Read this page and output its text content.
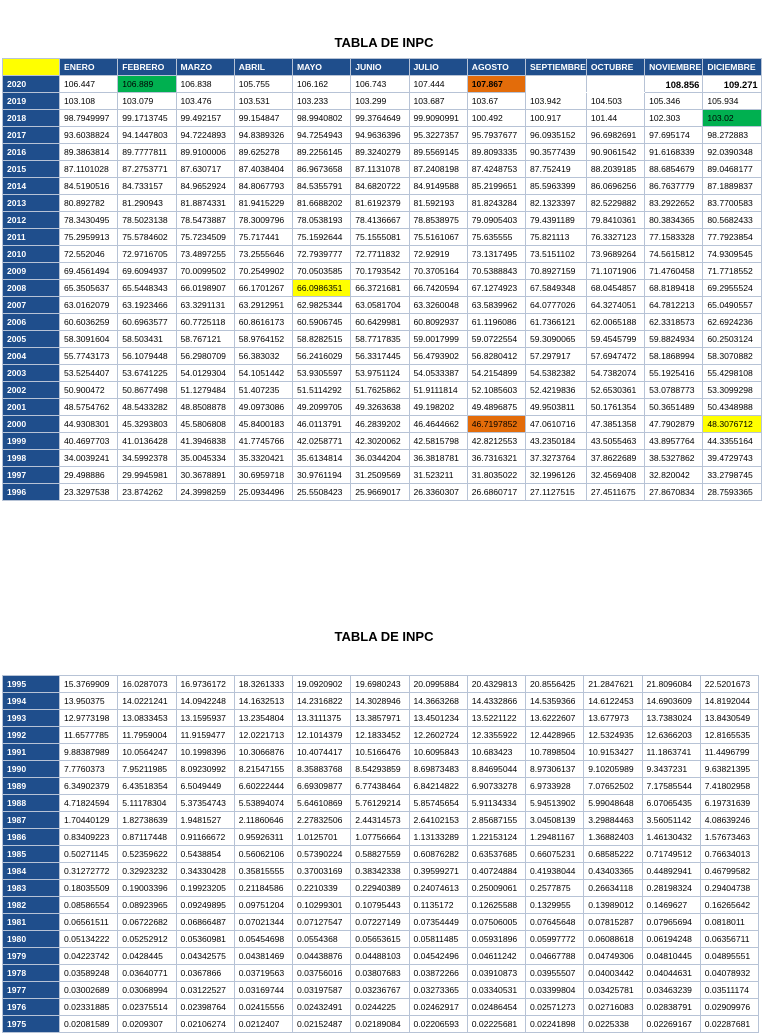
TABLA DE INPC
	ENERO	FEBRERO	MARZO	ABRIL	MAYO	JUNIO	JULIO	AGOSTO	SEPTIEMBRE	OCTUBRE	NOVIEMBRE	DICIEMBRE
2020	106.447	106.889	106.838	105.755	106.162	106.743	107.444	107.867			108.856	109.271
2019	103.108	103.079	103.476	103.531	103.233	103.299	103.687	103.67	103.942	104.503	105.346	105.934
2018	98.7949997	99.1713745	99.492157	99.154847	98.9940802	99.3764649	99.9090991	100.492	100.917	101.44	102.303	103.02
2017	93.6038824	94.1447803	94.7224893	94.8389326	94.7254943	94.9636396	95.3227357	95.7937677	96.0935152	96.6982691	97.695174	98.272883
2016	89.3863814	89.7777811	89.9100006	89.625278	89.2256145	89.3240279	89.5569145	89.8093335	90.3577439	90.9061542	91.6168339	92.0390348
2015	87.1101028	87.2753771	87.630717	87.4038404	86.9673658	87.1131078	87.2408198	87.4248753	87.752419	88.2039185	88.6854679	89.0468177
2014	84.5190516	84.733157	84.9652924	84.8067793	84.5355791	84.6820722	84.9149588	85.2199651	85.5963399	86.0696256	86.7637779	87.1889837
2013	80.892782	81.290943	81.8874331	81.9415229	81.6688202	81.6192379	81.592193	81.8243284	82.1323397	82.5229882	83.2922652	83.7700583
2012	78.3430495	78.5023138	78.5473887	78.3009796	78.0538193	78.4136667	78.8538975	79.0905403	79.4391189	79.8410361	80.3834365	80.5682433
2011	75.2959913	75.5784602	75.7234509	75.717441	75.1592644	75.1555081	75.5161067	75.635555	75.821113	76.3327123	77.1583328	77.7923854
2010	72.552046	72.9716705	73.4897255	73.2555646	72.7939777	72.7711832	72.92919	73.1317495	73.5151102	73.9689264	74.5615812	74.9309545
2009	69.4561494	69.6094937	70.0099502	70.2549902	70.0503585	70.1793542	70.3705164	70.5388843	70.8927159	71.1071906	71.4760458	71.7718552
2008	65.3505637	65.5448343	66.0198907	66.1701267	66.0986351	66.3721681	66.7420594	67.1274923	67.5849348	68.0454857	68.8189418	69.2955524
2007	63.0162079	63.1923466	63.3291131	63.2912951	62.9825344	63.0581704	63.3260048	63.5839962	64.0777026	64.3274051	64.7812213	65.0490557
2006	60.6036259	60.6963577	60.7725118	60.8616173	60.5906745	60.6429981	60.8092937	61.1196086	61.7366121	62.0065188	62.3318573	62.6924236
2005	58.3091604	58.503431	58.767121	58.9764152	58.8282515	58.7717835	59.0017999	59.0722554	59.3090065	59.4545799	59.8824934	60.2503124
2004	55.7743173	56.1079448	56.2980709	56.383032	56.2416029	56.3317445	56.4793902	56.8280412	57.297917	57.6947472	58.1868994	58.3070882
2003	53.5254407	53.6741225	54.0129304	54.1051442	53.9305597	53.9751124	54.0533387	54.2154899	54.5382382	54.7382074	55.1925416	55.4298108
2002	50.900472	50.8677498	51.1279484	51.407235	51.5114292	51.7625862	51.9111814	52.1085603	52.4219836	52.6530361	53.0788773	53.3099298
2001	48.5754762	48.5433282	48.8508878	49.0973086	49.2099705	49.3263638	49.198202	49.4896875	49.9503811	50.1761354	50.3651489	50.4348988
2000	44.9308301	45.3293803	45.5806808	45.8400183	46.0113791	46.2839202	46.4644662	46.7197852	47.0610716	47.3851358	47.7902879	48.3076712
1999	40.4697703	41.0136428	41.3946838	41.7745766	42.0258771	42.3020062	42.5815798	42.8212553	43.2350184	43.5055463	43.8957764	44.3355164
1998	34.0039241	34.5992378	35.0045334	35.3320421	35.6134814	36.0344204	36.3818781	36.7316321	37.3273764	37.8622689	38.5327862	39.4729743
1997	29.498886	29.9945981	30.3678891	30.6959718	30.9761194	31.2509569	31.523211	31.8035022	32.1996126	32.4569408	32.820042	33.2798745
1996	23.3297538	23.874262	24.3998259	25.0934496	25.5508423	25.9669017	26.3360307	26.6860717	27.1127515	27.4511675	27.8670834	28.7593365
TABLA DE INPC
1995	15.3769909	16.0287073	16.9736172	18.3261333	19.0920902	19.6980243	20.0995884	20.4329813	20.8556425	21.2847621	21.8096084	22.5201673
1994	13.950375	14.0221241	14.0942248	14.1632513	14.2316822	14.3028946	14.3663268	14.4332866	14.5359366	14.6122453	14.6903609	14.8192044
1993	12.9773198	13.0833453	13.1595937	13.2354804	13.3111375	13.3857971	13.4501234	13.5221122	13.6222607	13.677973	13.7383024	13.8430549
1992	11.6577785	11.7959004	11.9159477	12.0221713	12.1014379	12.1833452	12.2602724	12.3355922	12.4428965	12.5324935	12.6366203	12.8165535
1991	9.88387989	10.0564247	10.1998396	10.3066876	10.4074417	10.5166476	10.6095843	10.683423	10.7898504	10.9153427	11.1863741	11.4496799
1990	7.7760373	7.95211985	8.09230992	8.21547155	8.35883768	8.54293859	8.69873483	8.84695044	8.97306137	9.10205989	9.3437231	9.63821395
1989	6.34902379	6.43518354	6.5049449	6.60222444	6.69309877	6.77438464	6.84214822	6.90733278	6.9733928	7.07652502	7.17585544	7.41802958
1988	4.71824594	5.11178304	5.37354743	5.53894074	5.64610869	5.76129214	5.85745654	5.91134334	5.94513902	5.99048648	6.07065435	6.19731639
1987	1.70440129	1.82738639	1.9481527	2.11860646	2.27832506	2.44314573	2.64102153	2.85687155	3.04508139	3.29884463	3.56051142	4.08639246
1986	0.83409223	0.87117448	0.91166672	0.95926311	1.0125701	1.07756664	1.13133289	1.22153124	1.29481167	1.36882403	1.46130432	1.57673463
1985	0.50271145	0.52359622	0.5438854	0.56062106	0.57390224	0.58827559	0.60876282	0.63537685	0.66075231	0.68585222	0.71749512	0.76634013
1984	0.31272772	0.32923232	0.34330428	0.35815555	0.37003169	0.38342338	0.39599271	0.40724884	0.41938044	0.43403365	0.44892941	0.46799582
1983	0.18035509	0.19003396	0.19923205	0.21184586	0.2210339	0.22940389	0.24074613	0.25009061	0.2577875	0.26634118	0.28198324	0.29404738
1982	0.08586554	0.08923965	0.09249895	0.09751204	0.10299301	0.10795443	0.1135172	0.12625588	0.1329955	0.13989012	0.1469627	0.16265642
1981	0.06561511	0.06722682	0.06866487	0.07021344	0.07127547	0.07227149	0.07354449	0.07506005	0.07645648	0.07815287	0.07965694	0.0818011
1980	0.05134222	0.05252912	0.05360981	0.05454698	0.0554368	0.05653615	0.05811485	0.05931896	0.05997772	0.06088618	0.06194248	0.06356711
1979	0.04223742	0.0428445	0.04342575	0.04381469	0.04438876	0.04488103	0.04542496	0.04611242	0.04667788	0.04749306	0.04810445	0.04895551
1978	0.03589248	0.03640771	0.0367866	0.03719563	0.03756016	0.03807683	0.03872266	0.03910873	0.03955507	0.04003442	0.04044631	0.04078932
1977	0.03002689	0.03068994	0.03122527	0.03169744	0.03197587	0.03236767	0.03273365	0.03340531	0.03399804	0.03425781	0.03463239	0.03511174
1976	0.02331885	0.02375514	0.02398764	0.02415556	0.02432491	0.0244225	0.02462917	0.02486454	0.02571273	0.02716083	0.02838791	0.02909976
1975	0.02081589	0.0209307	0.02106274	0.0212407	0.02152487	0.02189084	0.02206593	0.02225681	0.02241898	0.0225338	0.02269167	0.02287681
